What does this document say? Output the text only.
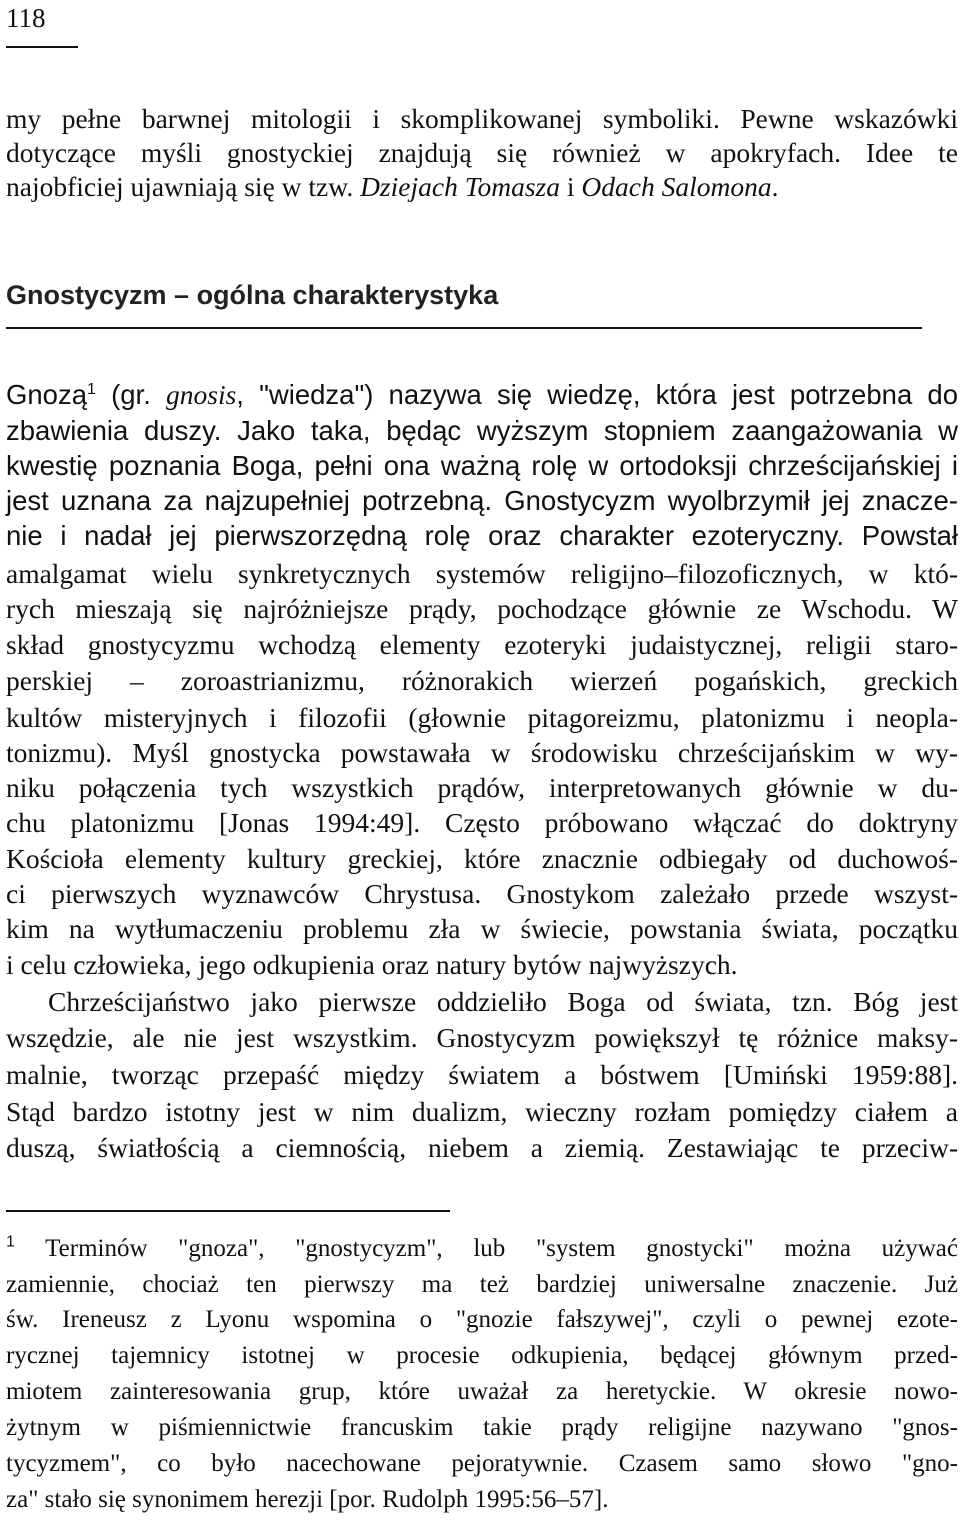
118
my pełne barwnej mitologii i skomplikowanej symboliki. Pewne wskazówki
dotyczące myśli gnostyckiej znajdują się również w apokryfach. Idee te
najobficiej ujawniają się w tzw. Dziejach Tomasza i Odach Salomona.
Gnostycyzm – ogólna charakterystyka
Gnozą$^1$ (gr. gnosis, "wiedza") nazywa się wiedzę, która jest potrzebna do
zbawienia duszy. Jako taka, będąc wyższym stopniem zaangażowania w
kwestię poznania Boga, pełni ona ważną rolę w ortodoksji chrześcijańskiej i
jest uznana za najzupełniej potrzebną. Gnostycyzm wyolbrzymił jej znacze-
nie i nadał jej pierwszorzędną rolę oraz charakter ezoteryczny. Powstał
amalgamat wielu synkretycznych systemów religijno–filozoficznych, w któ-
rych mieszają się najróżniejsze prądy, pochodzące głównie ze Wschodu. W
skład gnostycyzmu wchodzą elementy ezoteryki judaistycznej, religii staro-
perskiej – zoroastrianizmu, różnorakich wierzeń pogańskich, greckich
kultów misteryjnych i filozofii (głownie pitagoreizmu, platonizmu i neopla-
tonizmu). Myśl gnostycka powstawała w środowisku chrześcijańskim w wy-
niku połączenia tych wszystkich prądów, interpretowanych głównie w du-
chu platonizmu [Jonas 1994:49]. Często próbowano włączać do doktryny
Kościoła elementy kultury greckiej, które znacznie odbiegały od duchowoś-
ci pierwszych wyznawców Chrystusa. Gnostykom zależało przede wszyst-
kim na wytłumaczeniu problemu zła w świecie, powstania świata, początku
i celu człowieka, jego odkupienia oraz natury bytów najwyższych.
Chrześcijaństwo jako pierwsze oddzieliło Boga od świata, tzn. Bóg jest
wszędzie, ale nie jest wszystkim. Gnostycyzm powiększył tę różnice maksy-
malnie, tworząc przepaść między światem a bóstwem [Umiński 1959:88].
Stąd bardzo istotny jest w nim dualizm, wieczny rozłam pomiędzy ciałem a
duszą, światłością a ciemnością, niebem a ziemią. Zestawiając te przeciw-
$^1$ Terminów "gnoza", "gnostycyzm", lub "system gnostycki" można używać
zamiennie, chociaż ten pierwszy ma też bardziej uniwersalne znaczenie. Już
św. Ireneusz z Lyonu wspomina o "gnozie fałszywej", czyli o pewnej ezote-
rycznej tajemnicy istotnej w procesie odkupienia, będącej głównym przed-
miotem zainteresowania grup, które uważał za heretyckie. W okresie nowo-
żytnym w piśmiennictwie francuskim takie prądy religijne nazywano "gnos-
tycyzmem", co było nacechowane pejoratywnie. Czasem samo słowo "gno-
za" stało się synonimem herezji [por. Rudolph 1995:56–57].
